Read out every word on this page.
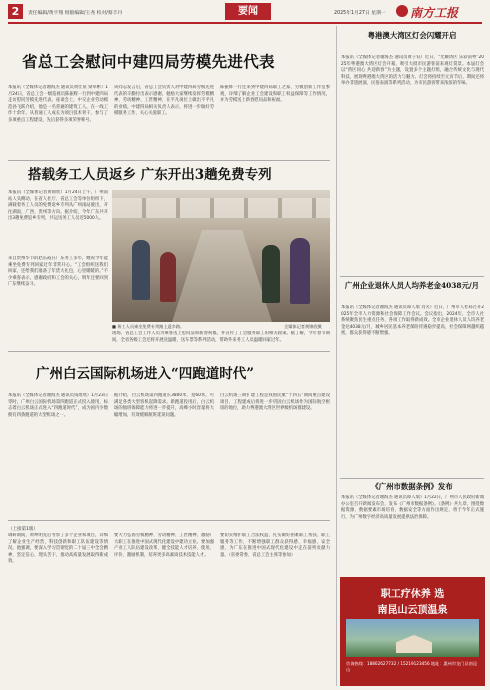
2	责任编辑/黄宇翔 组版编辑/王尧 校对/蔡丰丹	要闻	2025年1月27日 星期一 南方工报
省总工会慰问中建四局劳模先进代表
本报讯（全媒体记者谢海杰 通讯员黄仕泉 梁卓彬）1月24日，省总工会一级巡视员陈振辉一行到中建四局走访慰问劳模先进代表。座谈会上，中交企业劳动模范孙飞跃介绍，他是一名普通的建筑工人，在一线工作十余年，从普通工人成长为项目技术骨干，参与了多项重点工程建设，先后获得多项荣誉称号。
该同志发言后，省总工会负责人对中建四局劳模先进代表的辛勤付出表示感谢，勉励大家继续发挥劳模精神、劳动精神、工匠精神，在平凡岗位上做出不平凡的业绩。中建四局相关负责人表示，将进一步做好劳模服务工作，关心关爱职工。
陈振辉一行还来到中建四局职工之家、劳模创新工作室参观，详细了解企业工会建设和职工权益保障等工作情况，并为劳模送上新春慰问品和祝福。
搭载务工人员返乡 广东开出3趟免费专列
本报讯（全媒体记者黄锦欣）1月24日上午，广州南站人头攒动，在省人社厅、省总工会等单位组织下，满载着务工人员的免费返乡专列从广州南站驶出，开往湖南、广西、贵州等方向。据介绍，今年广东共开出3趟免费返乡专列，共运送务工人员近5000人。
来自贵州毕节的赵东霞在广东务工多年，她说今年能乘坐免费专列回家过年非常开心。“工会组织送我们回家，还给我们准备了年货大礼包，心里暖暖的。”不少乘客表示，感谢政府和工会的关心，明年还要回到广东继续奋斗。
■ 务工人员乘坐免费专列踏上返乡路。	全媒体记者黄锦欣摄
现场，省总工会工作人员为乘客送上慰问品和新春祝福，并宣传了工会服务职工的相关政策。据了解，今年春节期间，全省各级工会还将开展送温暖、送车票等系列活动，帮助外来务工人员温暖回家过年。
广州白云国际机场进入“四跑道时代”
本报讯（全媒体记者谢海杰 通讯员钱瑶瑶）1月23日零时，广州白云国际机场第四跑道正式投入使用，标志着白云机场正式进入“四跑道时代”，成为国内少数拥有四条跑道的大型机场之一。
据介绍，白云机场第四跑道长3800米、宽60米，可满足各类大型客机起降需求。新跑道投用后，白云机场的航班保障能力将进一步提升，高峰小时容量将大幅增加，有效缓解航班延误问题。
白云机场三期扩建工程是我国民航“十四五”期间重点建设项目，工程建成后将进一步巩固白云机场作为国际航空枢纽的地位，助力粤港澳大湾区世界级机场群建设。
（上接第1版）
调研期间，黄坤明先后考察了多个企业和项目，详细了解企业生产经营、科技创新和职工队伍建设等情况。他强调，要深入学习贯彻党的二十届三中全会精神，坚定信心、埋头苦干，推动高质量发展取得新成效。
要大力弘扬劳模精神、劳动精神、工匠精神，激励广大职工在推进中国式现代化建设中建功立业。要加强产业工人队伍建设改革，健全技能人才培养、使用、评价、激励机制，培养更多高素质技术技能人才。
要切实维护职工合法权益，扎实做好困难职工帮扶、职工服务等工作，不断增强职工群众获得感、幸福感、安全感，为广东在推进中国式现代化建设中走在前列贡献力量。（省委常委、省总工会主席等参加）
粤港澳大湾区灯会闪耀开启
本报讯（全媒体记者谢海杰 通讯员黄子钰）近日，“光耀湾区 乐彩南粤”2025年粤港澳大湾区灯会开幕，吸引大批市民游客前来观灯赏景。本届灯会以“湾区同心 共迎新春”为主题，设置多个主题灯组，融合传统文化与现代科技，展现粤港澳大湾区的活力与魅力。灯会将持续至元宵节后，期间还将举办非遗展演、民俗表演等系列活动，为市民游客带来浓浓的年味。
广州企业退休人员人均养老金4038元/月
本报讯（全媒体记者谢海杰 通讯员谭人瑞 肖笑）近日，广州市人社局召开2025年全市人力资源和社会保障工作会议。会议指出，2024年，全市人社系统聚焦民生重点任务，各项工作取得新成效。全市企业退休人员人均养老金达4038元/月，城乡居民基本养老保险待遇稳步提高，社会保障网越织越密，群众获得感不断增强。
《广州市数据条例》发布
本报讯（全媒体记者谢海杰 通讯员谭人瑞）1月22日，广州市人民政府新闻办公室召开新闻发布会，发布《广州市数据条例》。《条例》共九章，围绕数据资源、数据要素市场培育、数据安全等方面作出规定，将于今年正式施行，为广州数字经济高质量发展提供法治保障。
职工疗休养 选
南昆山云顶温泉
咨询热线：18802627732 / 15219123456 地址：惠州市龙门县南昆山
